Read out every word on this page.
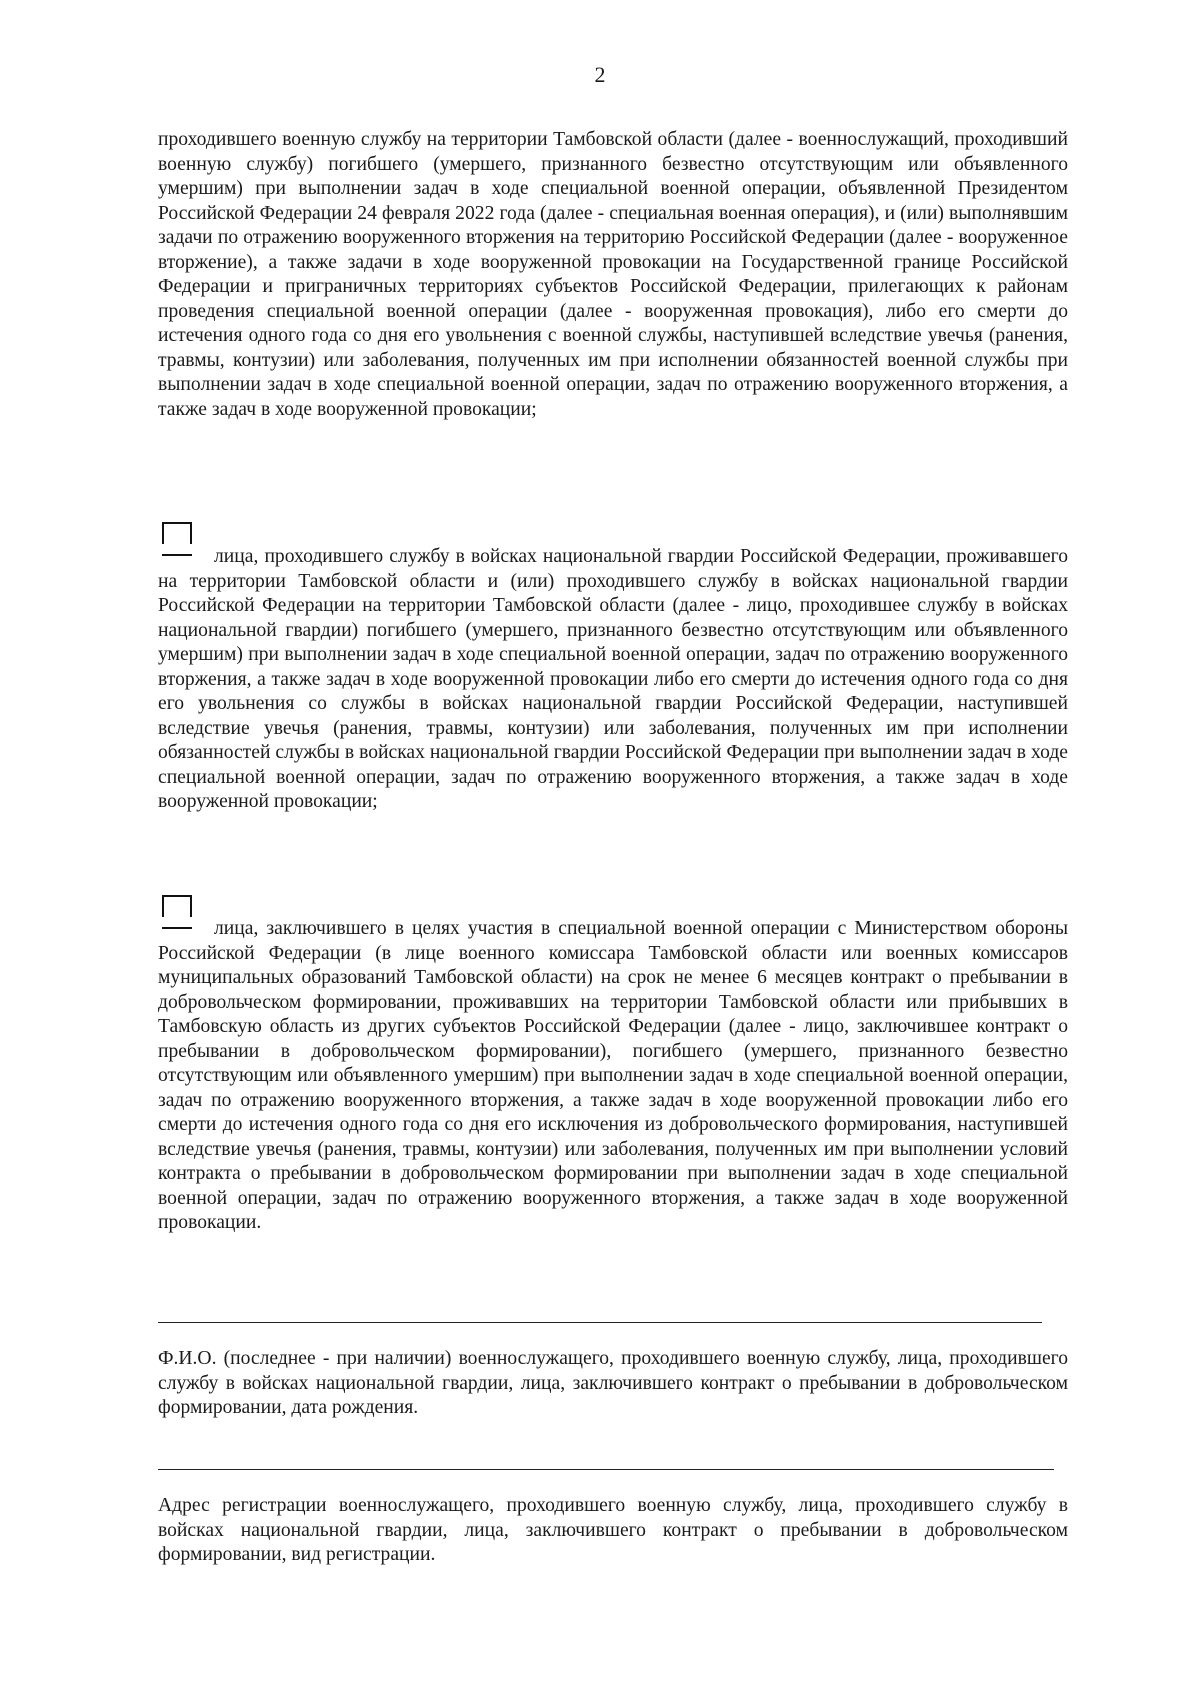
2

проходившего военную службу на территории Тамбовской области (далее - военнослужащий, проходивший военную службу) погибшего (умершего, признанного безвестно отсутствующим или объявленного умершим) при выполнении задач в ходе специальной военной операции, объявленной Президентом Российской Федерации 24 февраля 2022 года (далее - специальная военная операция), и (или) выполнявшим задачи по отражению вооруженного вторжения на территорию Российской Федерации (далее - вооруженное вторжение), а также задачи в ходе вооруженной провокации на Государственной границе Российской Федерации и приграничных территориях субъектов Российской Федерации, прилегающих к районам проведения специальной военной операции (далее - вооруженная провокация), либо его смерти до истечения одного года со дня его увольнения с военной службы, наступившей вследствие увечья (ранения, травмы, контузии) или заболевания, полученных им при исполнении обязанностей военной службы при выполнении задач в ходе специальной военной операции, задач по отражению вооруженного вторжения, а также задач в ходе вооруженной провокации;

лица, проходившего службу в войсках национальной гвардии Российской Федерации, проживавшего на территории Тамбовской области и (или) проходившего службу в войсках национальной гвардии Российской Федерации на территории Тамбовской области (далее - лицо, проходившее службу в войсках национальной гвардии) погибшего (умершего, признанного безвестно отсутствующим или объявленного умершим) при выполнении задач в ходе специальной военной операции, задач по отражению вооруженного вторжения, а также задач в ходе вооруженной провокации либо его смерти до истечения одного года со дня его увольнения со службы в войсках национальной гвардии Российской Федерации, наступившей вследствие увечья (ранения, травмы, контузии) или заболевания, полученных им при исполнении обязанностей службы в войсках национальной гвардии Российской Федерации при выполнении задач в ходе специальной военной операции, задач по отражению вооруженного вторжения, а также задач в ходе вооруженной провокации;

лица, заключившего в целях участия в специальной военной операции с Министерством обороны Российской Федерации (в лице военного комиссара Тамбовской области или военных комиссаров муниципальных образований Тамбовской области) на срок не менее 6 месяцев контракт о пребывании в добровольческом формировании, проживавших на территории Тамбовской области или прибывших в Тамбовскую область из других субъектов Российской Федерации (далее - лицо, заключившее контракт о пребывании в добровольческом формировании), погибшего (умершего, признанного безвестно отсутствующим или объявленного умершим) при выполнении задач в ходе специальной военной операции, задач по отражению вооруженного вторжения, а также задач в ходе вооруженной провокации либо его смерти до истечения одного года со дня его исключения из добровольческого формирования, наступившей вследствие увечья (ранения, травмы, контузии) или заболевания, полученных им при выполнении условий контракта о пребывании в добровольческом формировании при выполнении задач в ходе специальной военной операции, задач по отражению вооруженного вторжения, а также задач в ходе вооруженной провокации.

Ф.И.О. (последнее - при наличии) военнослужащего, проходившего военную службу, лица, проходившего службу в войсках национальной гвардии, лица, заключившего контракт о пребывании в добровольческом формировании, дата рождения.

Адрес регистрации военнослужащего, проходившего военную службу, лица, проходившего службу в войсках национальной гвардии, лица, заключившего контракт о пребывании в добровольческом формировании, вид регистрации.
